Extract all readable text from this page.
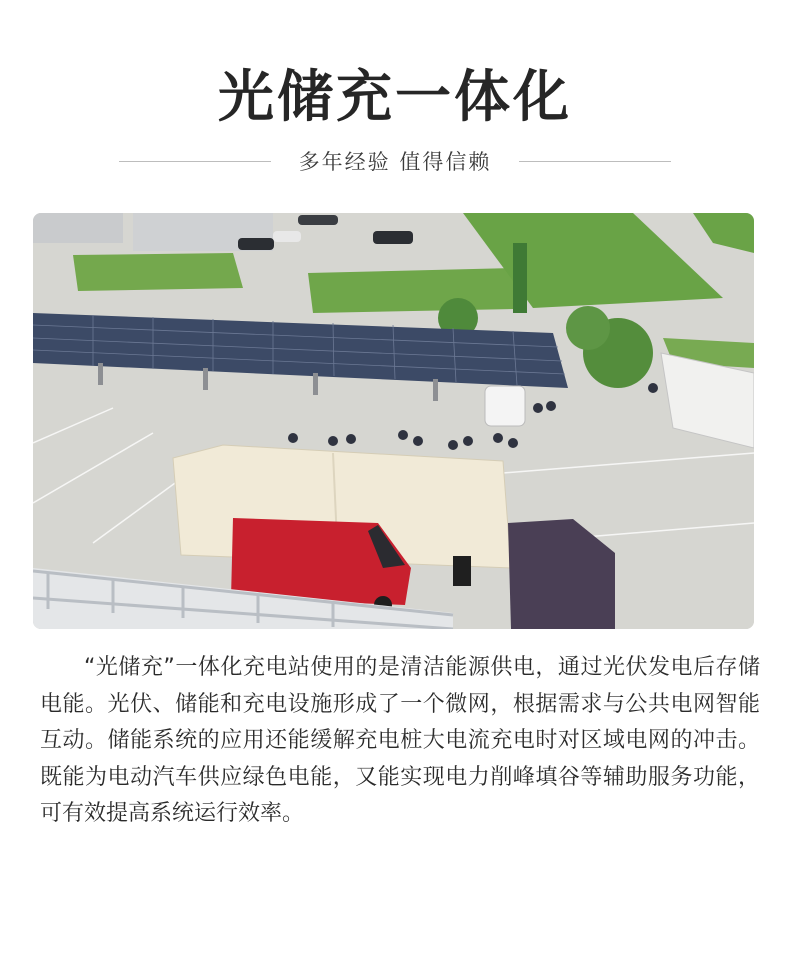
光储充一体化
多年经验 值得信赖

“光储充”一体化充电站使用的是清洁能源供电，通过光伏发电后存储电能。光伏、储能和充电设施形成了一个微网，根据需求与公共电网智能互动。储能系统的应用还能缓解充电桩大电流充电时对区域电网的冲击。既能为电动汽车供应绿色电能，又能实现电力削峰填谷等辅助服务功能，可有效提高系统运行效率。
